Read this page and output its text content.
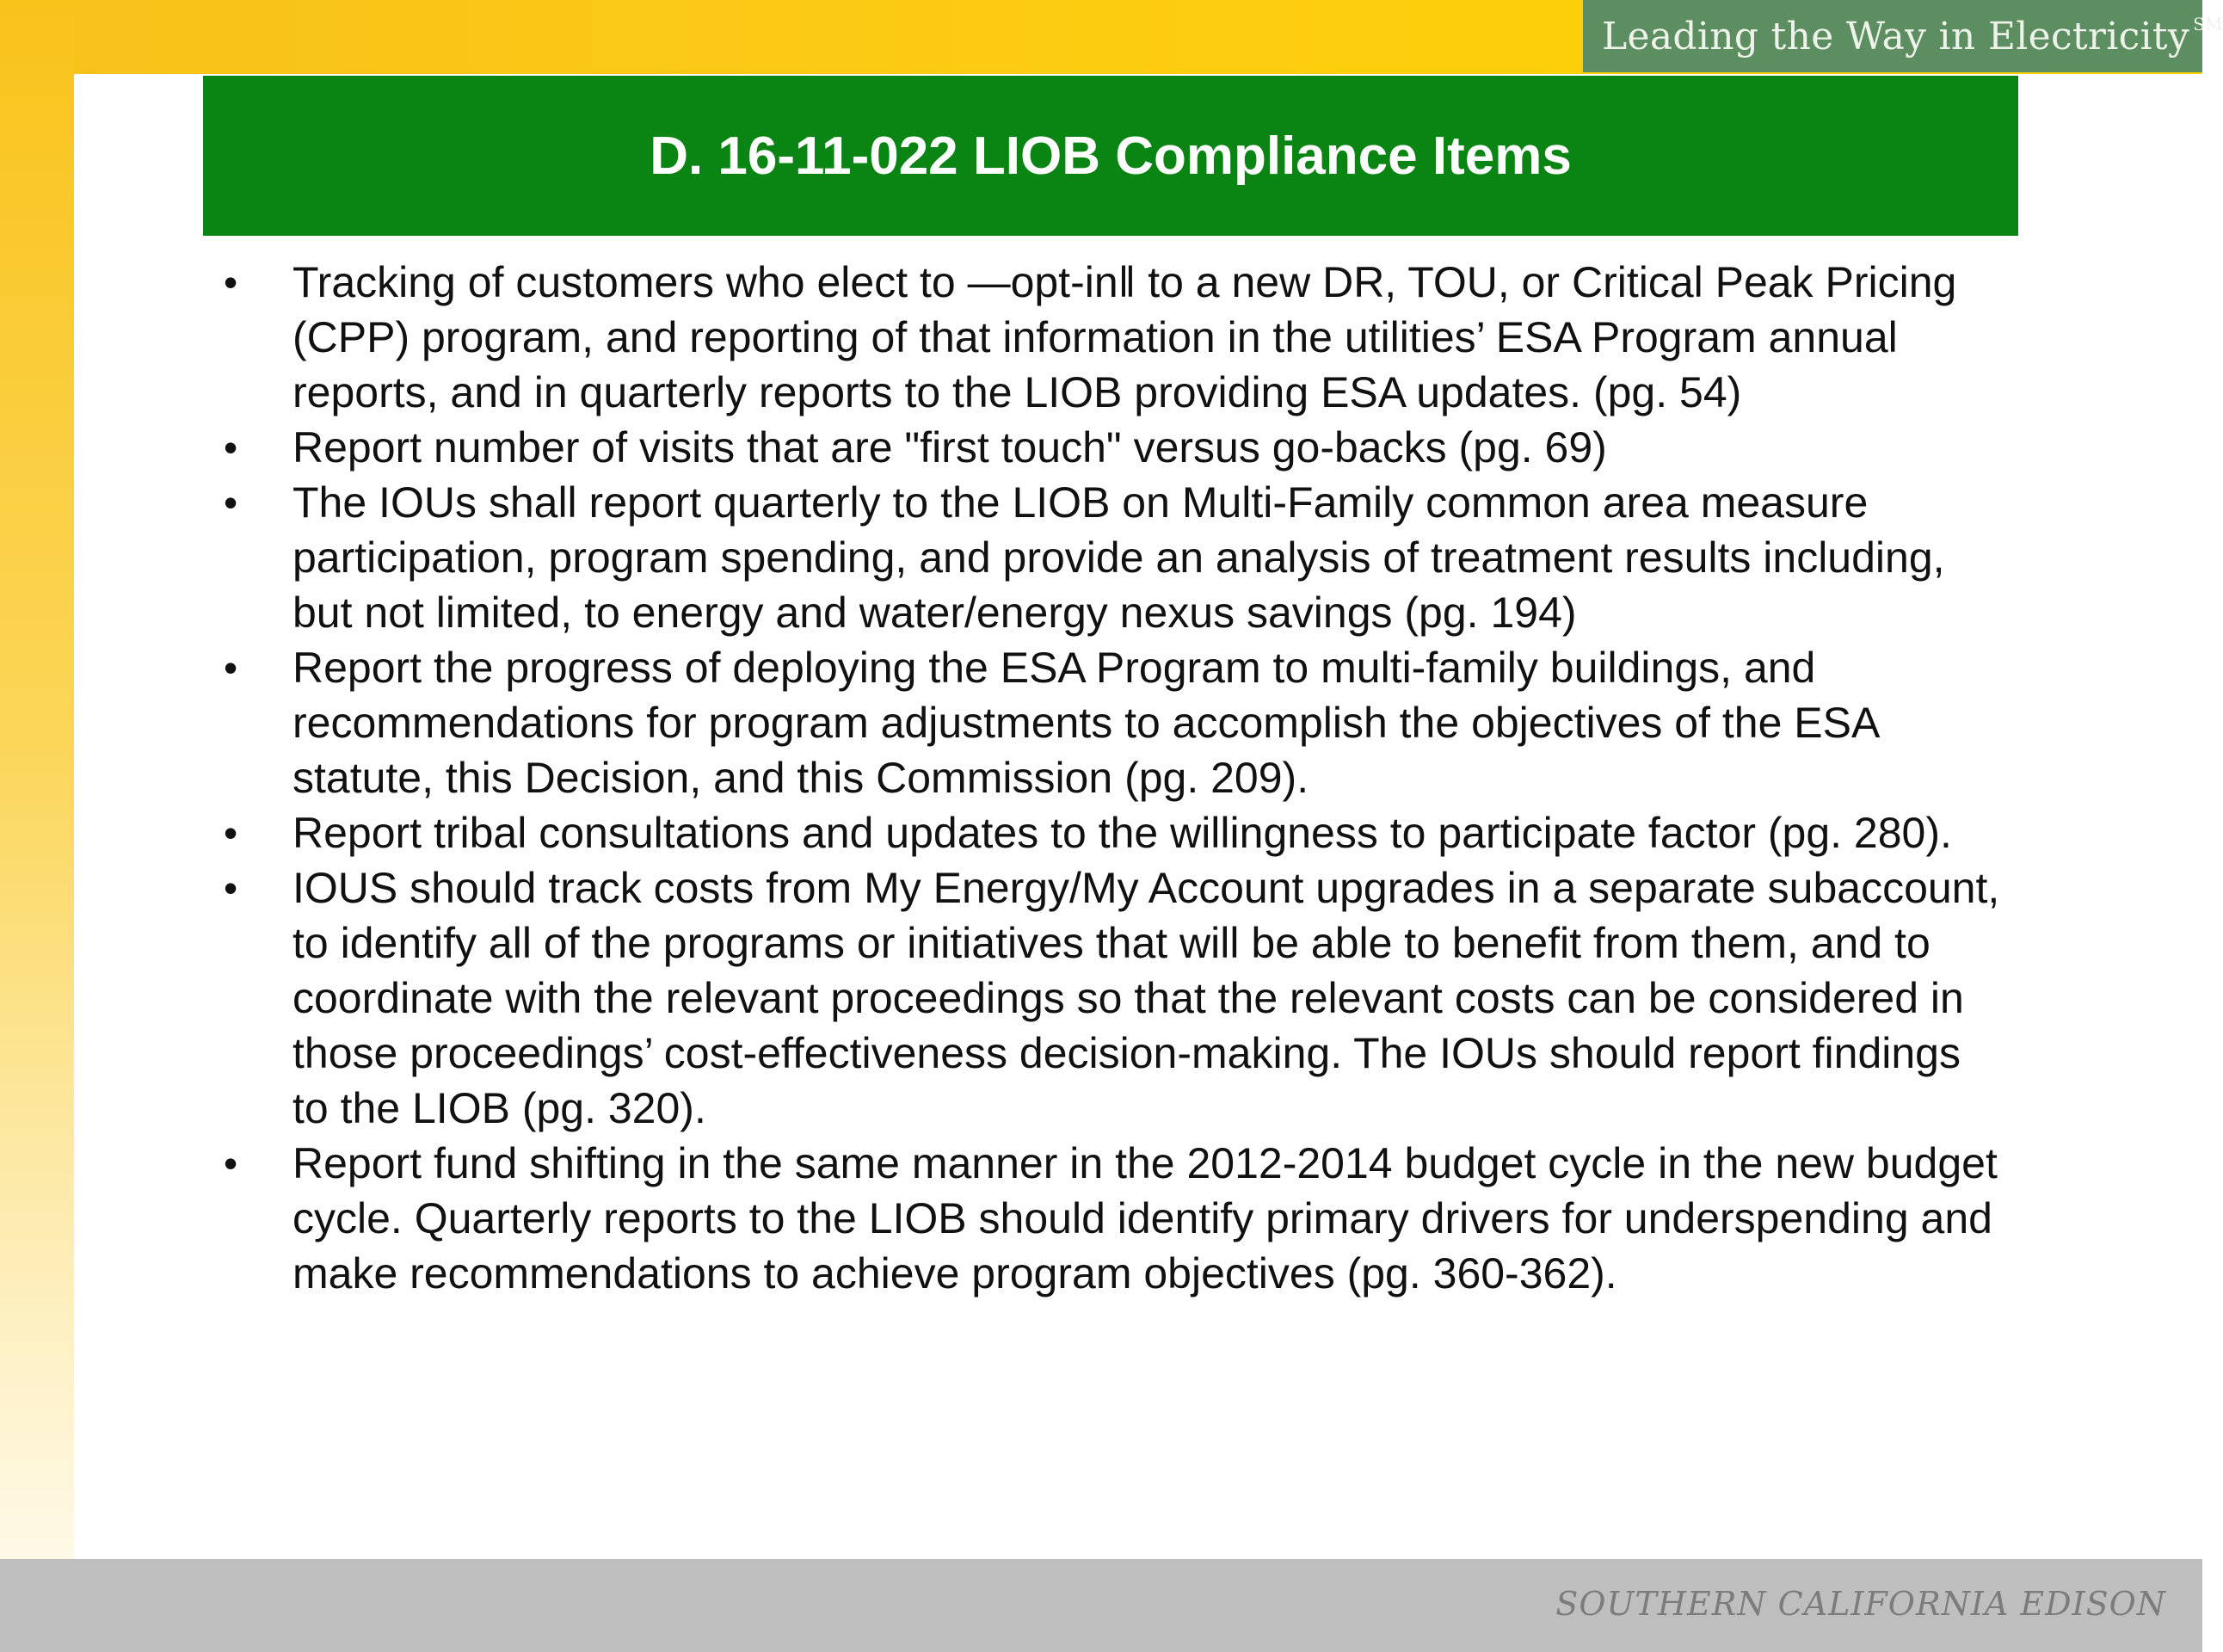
Leading the Way in Electricity ℠
D. 16-11-022 LIOB Compliance Items
• Tracking of customers who elect to —opt-in‖ to a new DR, TOU, or Critical Peak Pricing (CPP) program, and reporting of that information in the utilities’ ESA Program annual reports, and in quarterly reports to the LIOB providing ESA updates. (pg. 54)
• Report number of visits that are "first touch" versus go-backs (pg. 69)
• The IOUs shall report quarterly to the LIOB on Multi-Family common area measure participation, program spending, and provide an analysis of treatment results including, but not limited, to energy and water/energy nexus savings (pg. 194)
• Report the progress of deploying the ESA Program to multi-family buildings, and recommendations for program adjustments to accomplish the objectives of the ESA statute, this Decision, and this Commission (pg. 209).
• Report tribal consultations and updates to the willingness to participate factor (pg. 280).
• IOUS should track costs from My Energy/My Account upgrades in a separate subaccount, to identify all of the programs or initiatives that will be able to benefit from them, and to coordinate with the relevant proceedings so that the relevant costs can be considered in those proceedings’ cost-effectiveness decision-making. The IOUs should report findings to the LIOB (pg. 320).
• Report fund shifting in the same manner in the 2012-2014 budget cycle in the new budget cycle. Quarterly reports to the LIOB should identify primary drivers for underspending and make recommendations to achieve program objectives (pg. 360-362).
SOUTHERN CALIFORNIA EDISON
